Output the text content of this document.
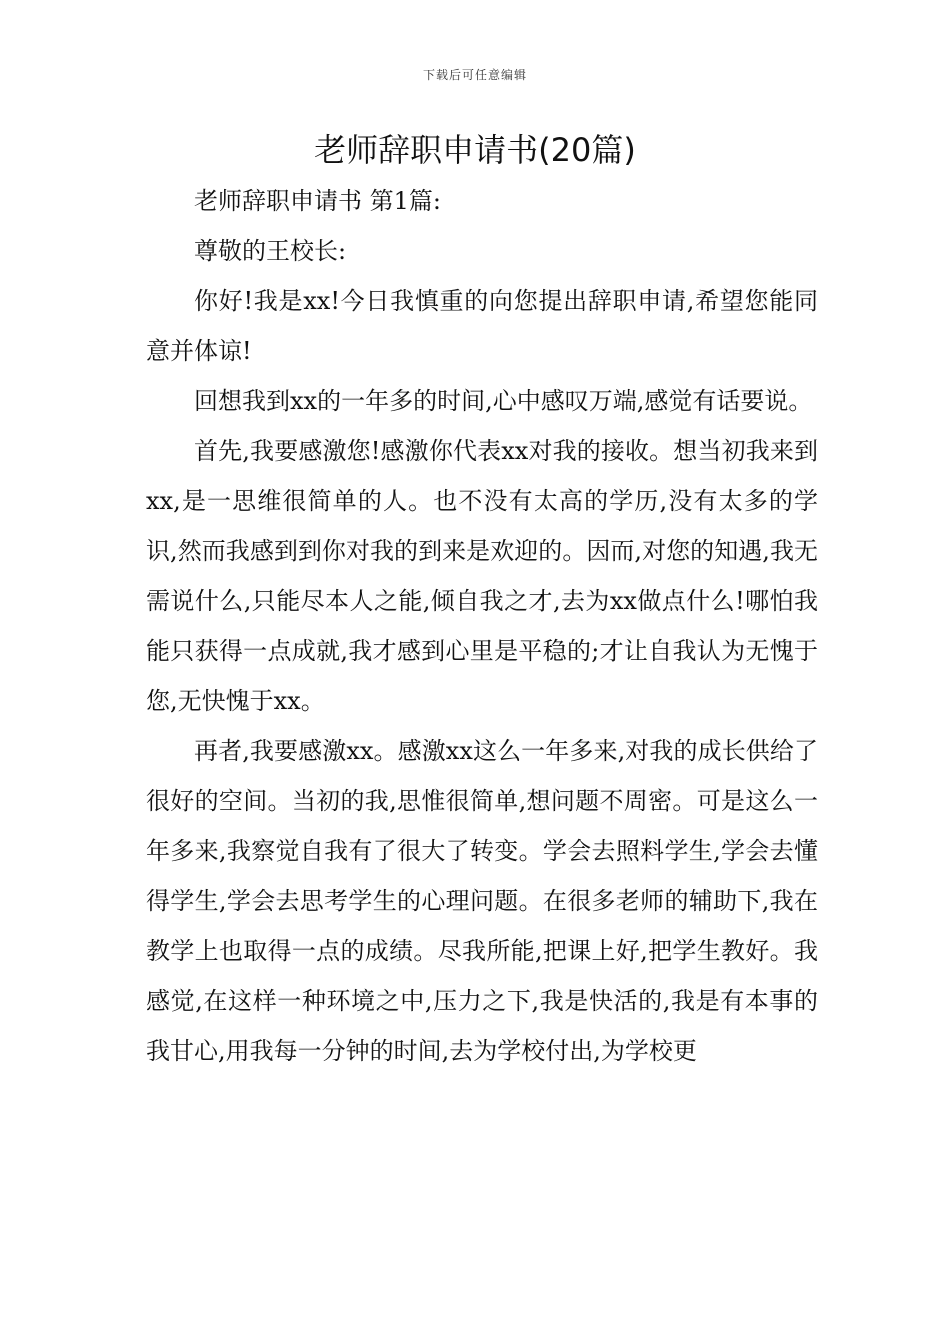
下载后可任意编辑
老师辞职申请书(20篇)

老师辞职申请书 第1篇:

尊敬的王校长:

你好!我是xx!今日我慎重的向您提出辞职申请,希望您能同意并体谅!

回想我到xx的一年多的时间,心中感叹万端,感觉有话要说。

首先,我要感激您!感激你代表xx对我的接收。想当初我来到xx,是一思维很简单的人。也不没有太高的学历,没有太多的学识,然而我感到到你对我的到来是欢迎的。因而,对您的知遇,我无需说什么,只能尽本人之能,倾自我之才,去为xx做点什么!哪怕我能只获得一点成就,我才感到心里是平稳的;才让自我认为无愧于您,无快愧于xx。

再者,我要感激xx。感激xx这么一年多来,对我的成长供给了很好的空间。当初的我,思惟很简单,想问题不周密。可是这么一年多来,我察觉自我有了很大了转变。学会去照料学生,学会去懂得学生,学会去思考学生的心理问题。在很多老师的辅助下,我在教学上也取得一点的成绩。尽我所能,把课上好,把学生教好。我感觉,在这样一种环境之中,压力之下,我是快活的,我是有本事的我甘心,用我每一分钟的时间,去为学校付出,为学校更
